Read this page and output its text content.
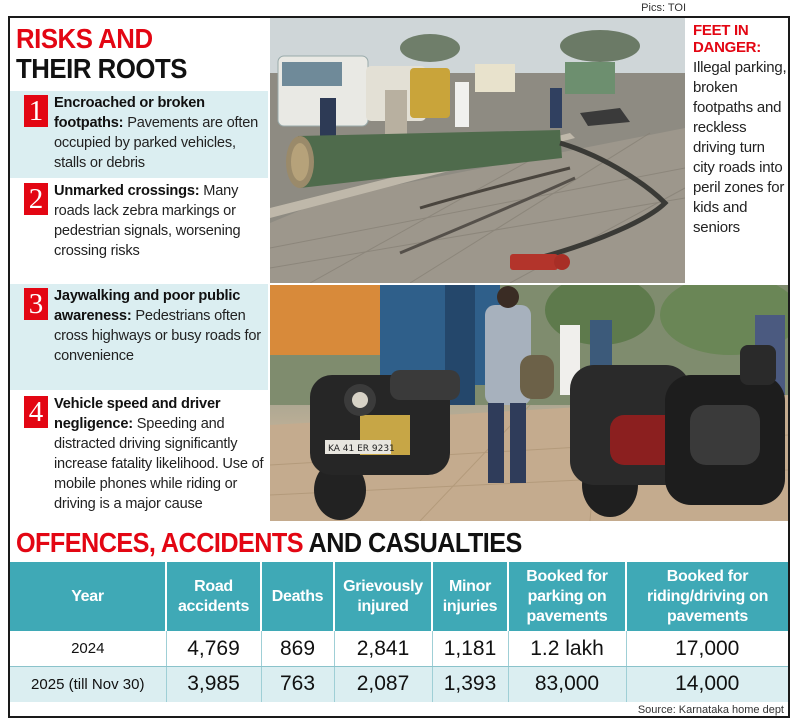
Pics: TOI
RISKS AND
THEIR ROOTS
1 Encroached or broken footpaths: Pavements are often occupied by parked vehicles, stalls or debris
2 Unmarked crossings: Many roads lack zebra markings or pedestrian signals, worsening crossing risks
3 Jaywalking and poor public awareness: Pedestrians often cross highways or busy roads for convenience
4 Vehicle speed and driver negligence: Speeding and distracted driving significantly increase fatality likelihood. Use of mobile phones while riding or driving is a major cause
FEET IN DANGER:
Illegal parking, broken footpaths and reckless driving turn city roads into peril zones for kids and seniors
KA 41 ER 9231
OFFENCES, ACCIDENTS AND CASUALTIES
Year	Road accidents	Deaths	Grievously injured	Minor injuries	Booked for parking on pavements	Booked for riding/driving on pavements
2024	4,769	869	2,841	1,181	1.2 lakh	17,000
2025 (till Nov 30)	3,985	763	2,087	1,393	83,000	14,000
Source: Karnataka home dept
